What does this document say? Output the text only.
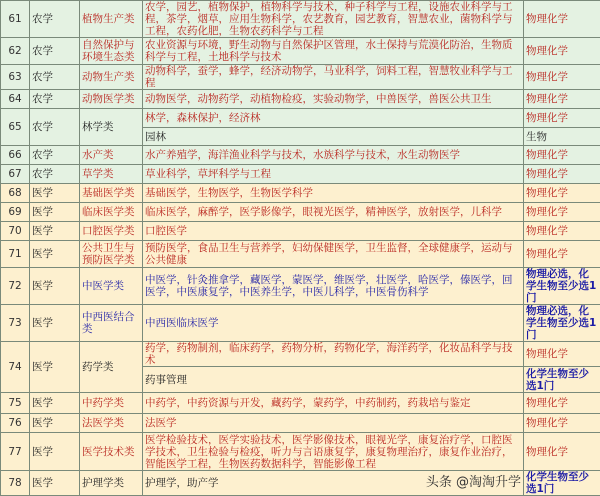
61	农学	植物生产类	农学，园艺，植物保护，植物科学与技术，种子科学与工程，设施农业科学与工程，茶学，烟草，应用生物科学，农艺教育，园艺教育，智慧农业，菌物科学与工程，农药化肥，生物农药科学与工程	物理化学
62	农学	自然保护与环境生态类	农业资源与环境，野生动物与自然保护区管理，水土保持与荒漠化防治，生物质科学与工程，土地科学与技术	物理化学
63	农学	动物生产类	动物科学，蚕学，蜂学，经济动物学，马业科学，饲料工程，智慧牧业科学与工程	物理化学
64	农学	动物医学类	动物医学，动物药学，动植物检疫，实验动物学，中兽医学，兽医公共卫生	物理化学
65	农学	林学类	林学，森林保护，经济林	物理化学
			园林	生物
66	农学	水产类	水产养殖学，海洋渔业科学与技术，水族科学与技术，水生动物医学	物理化学
67	农学	草学类	草业科学，草坪科学与工程	物理化学
68	医学	基础医学类	基础医学，生物医学，生物医学科学	物理化学
69	医学	临床医学类	临床医学，麻醉学，医学影像学，眼视光医学，精神医学，放射医学，儿科学	物理化学
70	医学	口腔医学类	口腔医学	物理化学
71	医学	公共卫生与预防医学类	预防医学，食品卫生与营养学，妇幼保健医学，卫生监督，全球健康学，运动与公共健康	物理化学
72	医学	中医学类	中医学，针灸推拿学，藏医学，蒙医学，维医学，壮医学，哈医学，傣医学，回医学，中医康复学，中医养生学，中医儿科学，中医骨伤科学	物理必选，化学生物至少选1门
73	医学	中西医结合类	中西医临床医学	物理必选，化学生物至少选1门
74	医学	药学类	药学，药物制剂，临床药学，药物分析，药物化学，海洋药学，化妆品科学与技术	物理化学
			药事管理	化学生物至少选1门
75	医学	中药学类	中药学，中药资源与开发，藏药学，蒙药学，中药制药，药栽培与鉴定	物理化学
76	医学	法医学类	法医学	物理化学
77	医学	医学技术类	医学检验技术，医学实验技术，医学影像技术，眼视光学，康复治疗学，口腔医学技术，卫生检验与检疫，听力与言语康复学，康复物理治疗，康复作业治疗，智能医学工程，生物医药数据科学，智能影像工程	物理化学
78	医学	护理学类	护理学，助产学 头条 @淘淘升学	化学生物至少选1门
